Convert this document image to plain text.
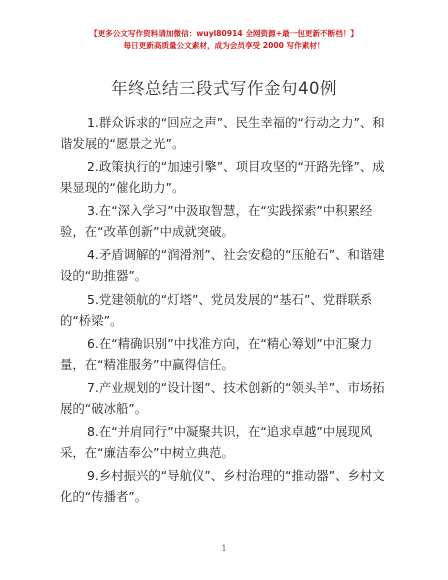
【更多公文写作资料请加微信：wuyl80914 全网资源+最一包更新不断档！】
每日更新高质量公文素材，成为会员享受 2000 写作素材！
年终总结三段式写作金句40例
1.群众诉求的“回应之声”、民生幸福的“行动之力”、和
谐发展的“愿景之光”。
2.政策执行的“加速引擎”、项目攻坚的“开路先锋”、成
果显现的“催化助力”。
3.在“深入学习”中汲取智慧，在“实践探索”中积累经
验，在“改革创新”中成就突破。
4.矛盾调解的“润滑剂”、社会安稳的“压舱石”、和谐建
设的“助推器”。
5.党建领航的“灯塔”、党员发展的“基石”、党群联系
的“桥梁”。
6.在“精确识别”中找准方向，在“精心筹划”中汇聚力
量，在“精准服务”中赢得信任。
7.产业规划的“设计图”、技术创新的“领头羊”、市场拓
展的“破冰船”。
8.在“并肩同行”中凝聚共识，在“追求卓越”中展现风
采，在“廉洁奉公”中树立典范。
9.乡村振兴的“导航仪”、乡村治理的“推动器”、乡村文
化的“传播者”。
1
